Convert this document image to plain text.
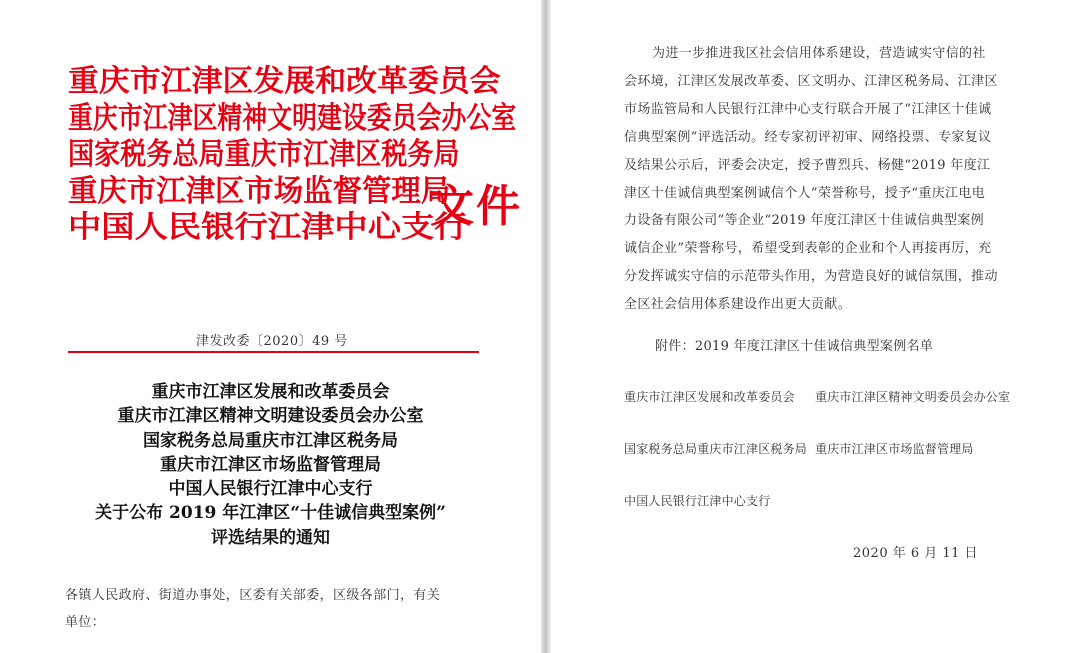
重庆市江津区发展和改革委员会
重庆市江津区精神文明建设委员会办公室
国家税务总局重庆市江津区税务局
重庆市江津区市场监督管理局
中国人民银行江津中心支行
文件
津发改委〔2020〕49 号
重庆市江津区发展和改革委员会
重庆市江津区精神文明建设委员会办公室
国家税务总局重庆市江津区税务局
重庆市江津区市场监督管理局
中国人民银行江津中心支行
关于公布 2019 年江津区“十佳诚信典型案例”
评选结果的通知
各镇人民政府、街道办事处，区委有关部委，区级各部门，有关
单位：
为进一步推进我区社会信用体系建设，营造诚实守信的社
会环境，江津区发展改革委、区文明办、江津区税务局、江津区
市场监管局和人民银行江津中心支行联合开展了“江津区十佳诚
信典型案例”评选活动。经专家初评初审、网络投票、专家复议
及结果公示后，评委会决定，授予曹烈兵、杨健“2019 年度江
津区十佳诚信典型案例诚信个人”荣誉称号，授予“重庆江电电
力设备有限公司”等企业“2019 年度江津区十佳诚信典型案例
诚信企业”荣誉称号，希望受到表彰的企业和个人再接再厉，充
分发挥诚实守信的示范带头作用，为营造良好的诚信氛围，推动
全区社会信用体系建设作出更大贡献。
附件：2019 年度江津区十佳诚信典型案例名单
重庆市江津区发展和改革委员会 重庆市江津区精神文明委员会办公室
国家税务总局重庆市江津区税务局 重庆市江津区市场监督管理局
中国人民银行江津中心支行
2020 年 6 月 11 日
